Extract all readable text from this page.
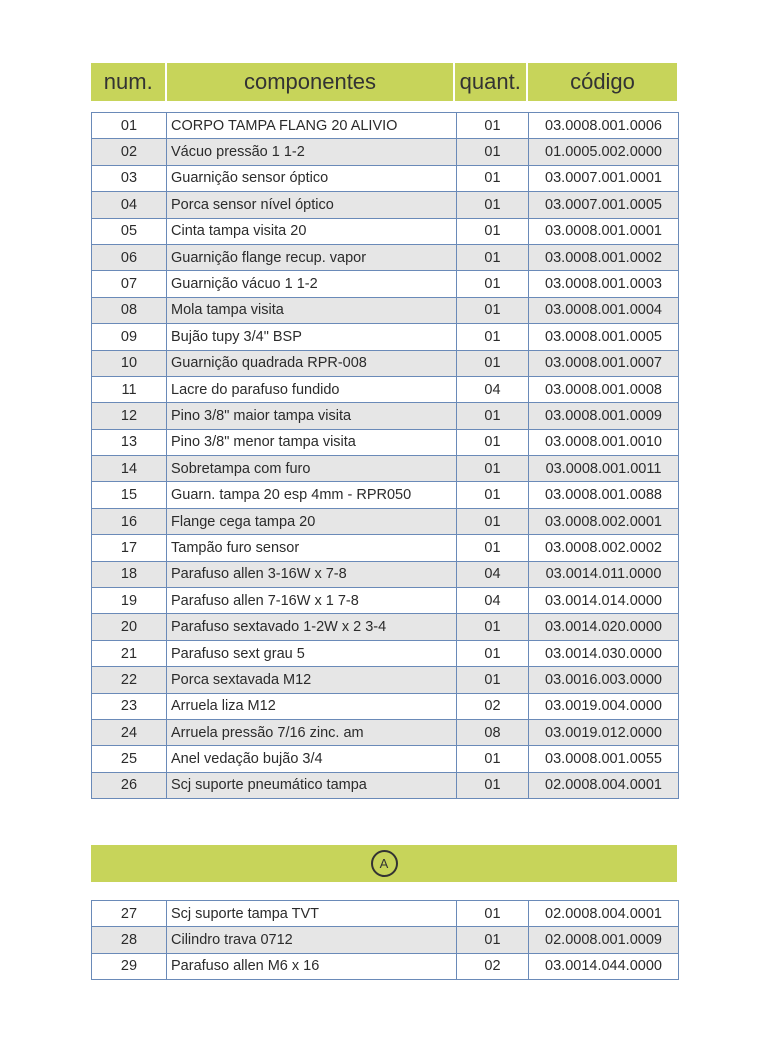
num.	componentes	quant.	código
01	CORPO TAMPA FLANG 20 ALIVIO	01	03.0008.001.0006
02	Vácuo pressão 1 1-2	01	01.0005.002.0000
03	Guarnição sensor óptico	01	03.0007.001.0001
04	Porca sensor nível óptico	01	03.0007.001.0005
05	Cinta tampa visita 20	01	03.0008.001.0001
06	Guarnição flange recup. vapor	01	03.0008.001.0002
07	Guarnição vácuo 1 1-2	01	03.0008.001.0003
08	Mola tampa visita	01	03.0008.001.0004
09	Bujão tupy 3/4" BSP	01	03.0008.001.0005
10	Guarnição quadrada RPR-008	01	03.0008.001.0007
11	Lacre do parafuso fundido	04	03.0008.001.0008
12	Pino 3/8" maior tampa visita	01	03.0008.001.0009
13	Pino 3/8" menor tampa visita	01	03.0008.001.0010
14	Sobretampa com furo	01	03.0008.001.0011
15	Guarn. tampa 20 esp 4mm - RPR050	01	03.0008.001.0088
16	Flange cega tampa 20	01	03.0008.002.0001
17	Tampão furo sensor	01	03.0008.002.0002
18	Parafuso allen 3-16W x 7-8	04	03.0014.011.0000
19	Parafuso allen 7-16W x 1 7-8	04	03.0014.014.0000
20	Parafuso sextavado 1-2W x 2 3-4	01	03.0014.020.0000
21	Parafuso sext grau 5	01	03.0014.030.0000
22	Porca sextavada M12	01	03.0016.003.0000
23	Arruela liza M12	02	03.0019.004.0000
24	Arruela pressão 7/16 zinc. am	08	03.0019.012.0000
25	Anel vedação bujão 3/4	01	03.0008.001.0055
26	Scj suporte pneumático tampa	01	02.0008.004.0001
A
27	Scj suporte tampa TVT	01	02.0008.004.0001
28	Cilindro trava 0712	01	02.0008.001.0009
29	Parafuso allen M6 x 16	02	03.0014.044.0000
